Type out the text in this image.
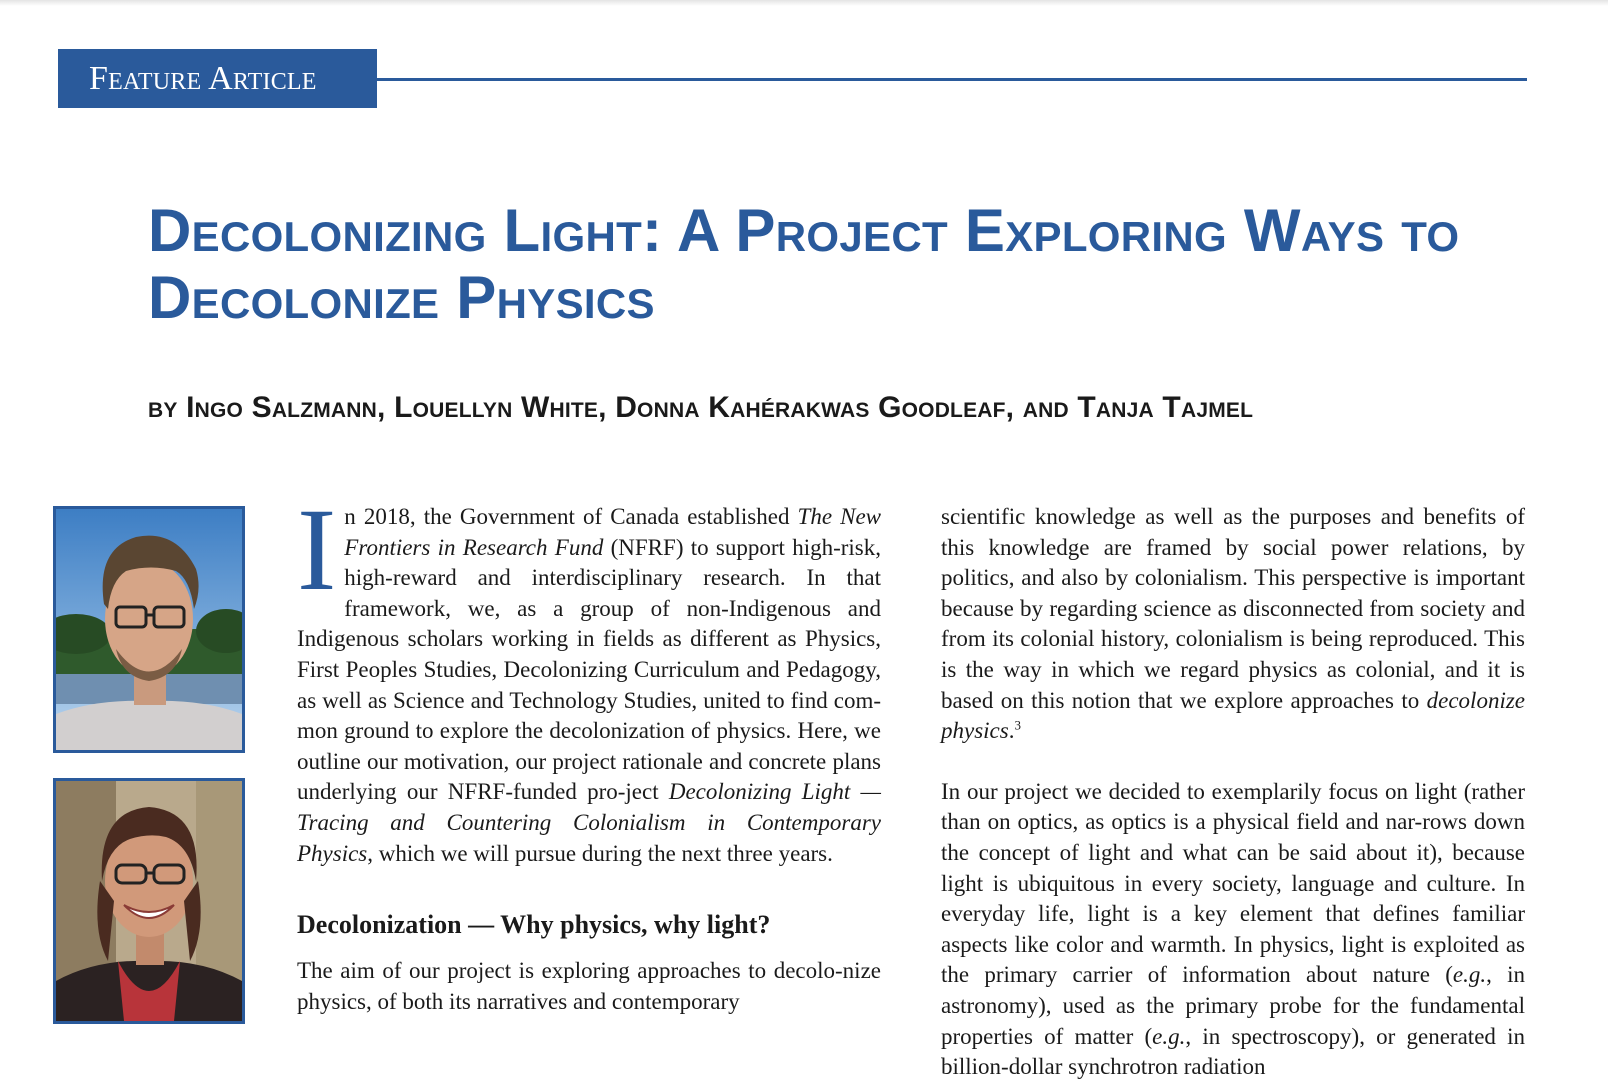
Feature Article
Decolonizing Light: A Project Exploring Ways to Decolonize Physics
by Ingo Salzmann, Louellyn White, Donna Kahérakwas Goodleaf, and Tanja Tajmel

In 2018, the Government of Canada established The New Frontiers in Research Fund (NFRF) to support high-risk, high-reward and interdisciplinary research. In that framework, we, as a group of non-Indigenous and Indigenous scholars working in fields as different as Physics, First Peoples Studies, Decolonizing Curriculum and Pedagogy, as well as Science and Technology Studies, united to find com-mon ground to explore the decolonization of physics. Here, we outline our motivation, our project rationale and concrete plans underlying our NFRF-funded pro-ject Decolonizing Light — Tracing and Countering Colonialism in Contemporary Physics, which we will pursue during the next three years.

Decolonization — Why physics, why light?

The aim of our project is exploring approaches to decolo-nize physics, of both its narratives and contemporary

scientific knowledge as well as the purposes and benefits of this knowledge are framed by social power relations, by politics, and also by colonialism. This perspective is important because by regarding science as disconnected from society and from its colonial history, colonialism is being reproduced. This is the way in which we regard physics as colonial, and it is based on this notion that we explore approaches to decolonize physics.$^3$

In our project we decided to exemplarily focus on light (rather than on optics, as optics is a physical field and nar-rows down the concept of light and what can be said about it), because light is ubiquitous in every society, language and culture. In everyday life, light is a key element that defines familiar aspects like color and warmth. In physics, light is exploited as the primary carrier of information about nature (e.g., in astronomy), used as the primary probe for the fundamental properties of matter (e.g., in spectroscopy), or generated in billion-dollar synchrotron radiation
